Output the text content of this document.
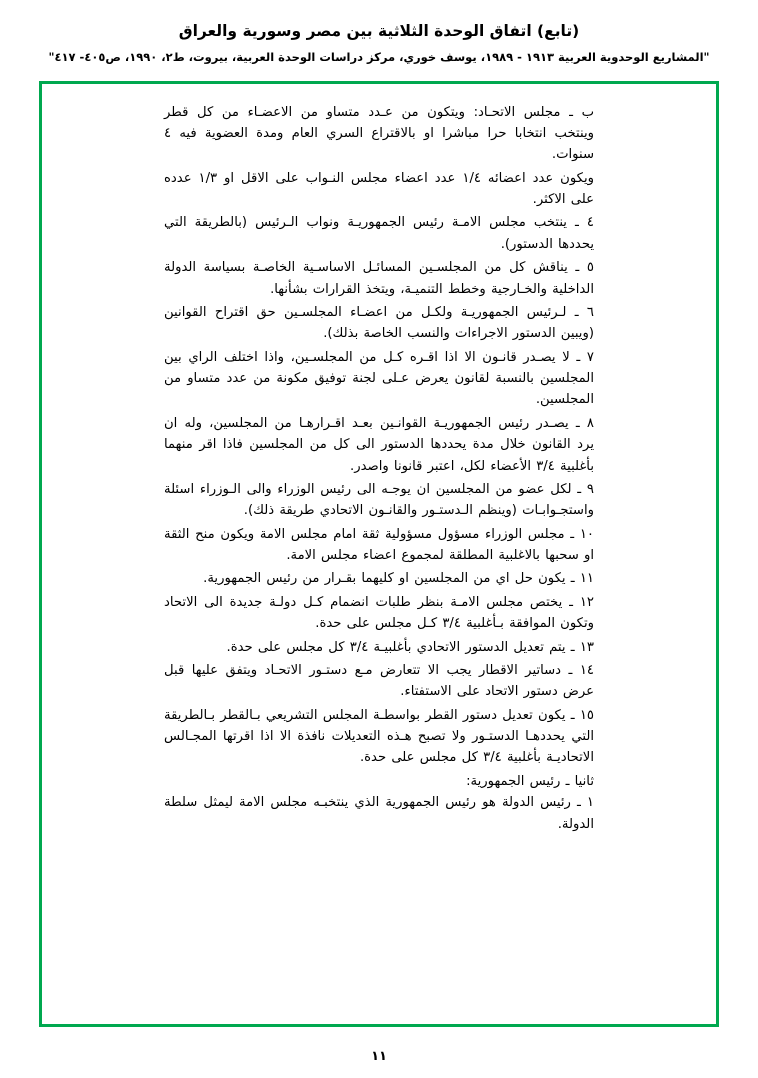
(تابع) اتفاق الوحدة الثلاثية بين مصر وسورية والعراق
"المشاريع الوحدوية العربية ١٩١٣ - ١٩٨٩، يوسف خوري، مركز دراسات الوحدة العربية، بيروت، ط٢، ١٩٩٠، ص٤٠٥- ٤١٧"

ب ـ مجلس الاتحـاد: ويتكون من عـدد متساو من الاعضـاء من كل قطر وينتخب انتخابا حرا مباشرا او بالاقتراع السري العام ومدة العضوية فيه ٤ سنوات.

ويكون عدد اعضائه ١/٤ عدد اعضاء مجلس النـواب على الاقل او ١/٣ عدده على الاكثر.

٤ ـ ينتخب مجلس الامـة رئيس الجمهوريـة ونواب الـرئيس (بالطريقة التي يحددها الدستور).

٥ ـ يناقش كل من المجلسـين المسائـل الاساسـية الخاصـة بسياسة الدولة الداخلية والخـارجية وخطط التنميـة، ويتخذ القرارات بشأنها.

٦ ـ لـرئيس الجمهوريـة ولكـل من اعضـاء المجلسـين حق اقتراح القوانين (ويبين الدستور الاجراءات والنسب الخاصة بذلك).

٧ ـ لا يصـدر قانـون الا اذا اقـره كـل من المجلسـين، واذا اختلف الراي بين المجلسين بالنسبة لقانون يعرض عـلى لجنة توفيق مكونة من عدد متساو من المجلسين.

٨ ـ يصـدر رئيس الجمهوريـة القوانـين بعـد اقـرارهـا من المجلسين، وله ان يرد القانون خلال مدة يحددها الدستور الى كل من المجلسين فاذا اقر منهما بأغلبية ٣/٤ الأعضاء لكل، اعتبر قانونا واصدر.

٩ ـ لكل عضو من المجلسين ان يوجـه الى رئيس الوزراء والى الـوزراء اسئلة واستجـوابـات (وينظم الـدستـور والقانـون الاتحادي طريقة ذلك).

١٠ ـ مجلس الوزراء مسؤول مسؤولية ثقة امام مجلس الامة ويكون منح الثقة او سحبها بالاغلبية المطلقة لمجموع اعضاء مجلس الامة.

١١ ـ يكون حل اي من المجلسين او كليهما بقـرار من رئيس الجمهورية.

١٢ ـ يختص مجلس الامـة بنظر طلبات انضمام كـل دولـة جديدة الى الاتحاد وتكون الموافقة بـأغلبية ٣/٤ كـل مجلس على حدة.

١٣ ـ يتم تعديل الدستور الاتحادي بأغلبيـة ٣/٤ كل مجلس على حدة.

١٤ ـ دساتير الاقطار يجب الا تتعارض مـع دستـور الاتحـاد ويتفق عليها قبل عرض دستور الاتحاد على الاستفتاء.

١٥ ـ يكون تعديل دستور القطر بواسطـة المجلس التشريعي بـالقطر بـالطريقة التي يحددهـا الدستـور ولا تصبح هـذه التعديلات نافذة الا اذا اقرتها المجـالس الاتحاديـة بأغلبية ٣/٤ كل مجلس على حدة.

ثانيا ـ رئيس الجمهورية:

١ ـ رئيس الدولة هو رئيس الجمهورية الذي ينتخبـه مجلس الامة ليمثل سلطة الدولة.

١١
